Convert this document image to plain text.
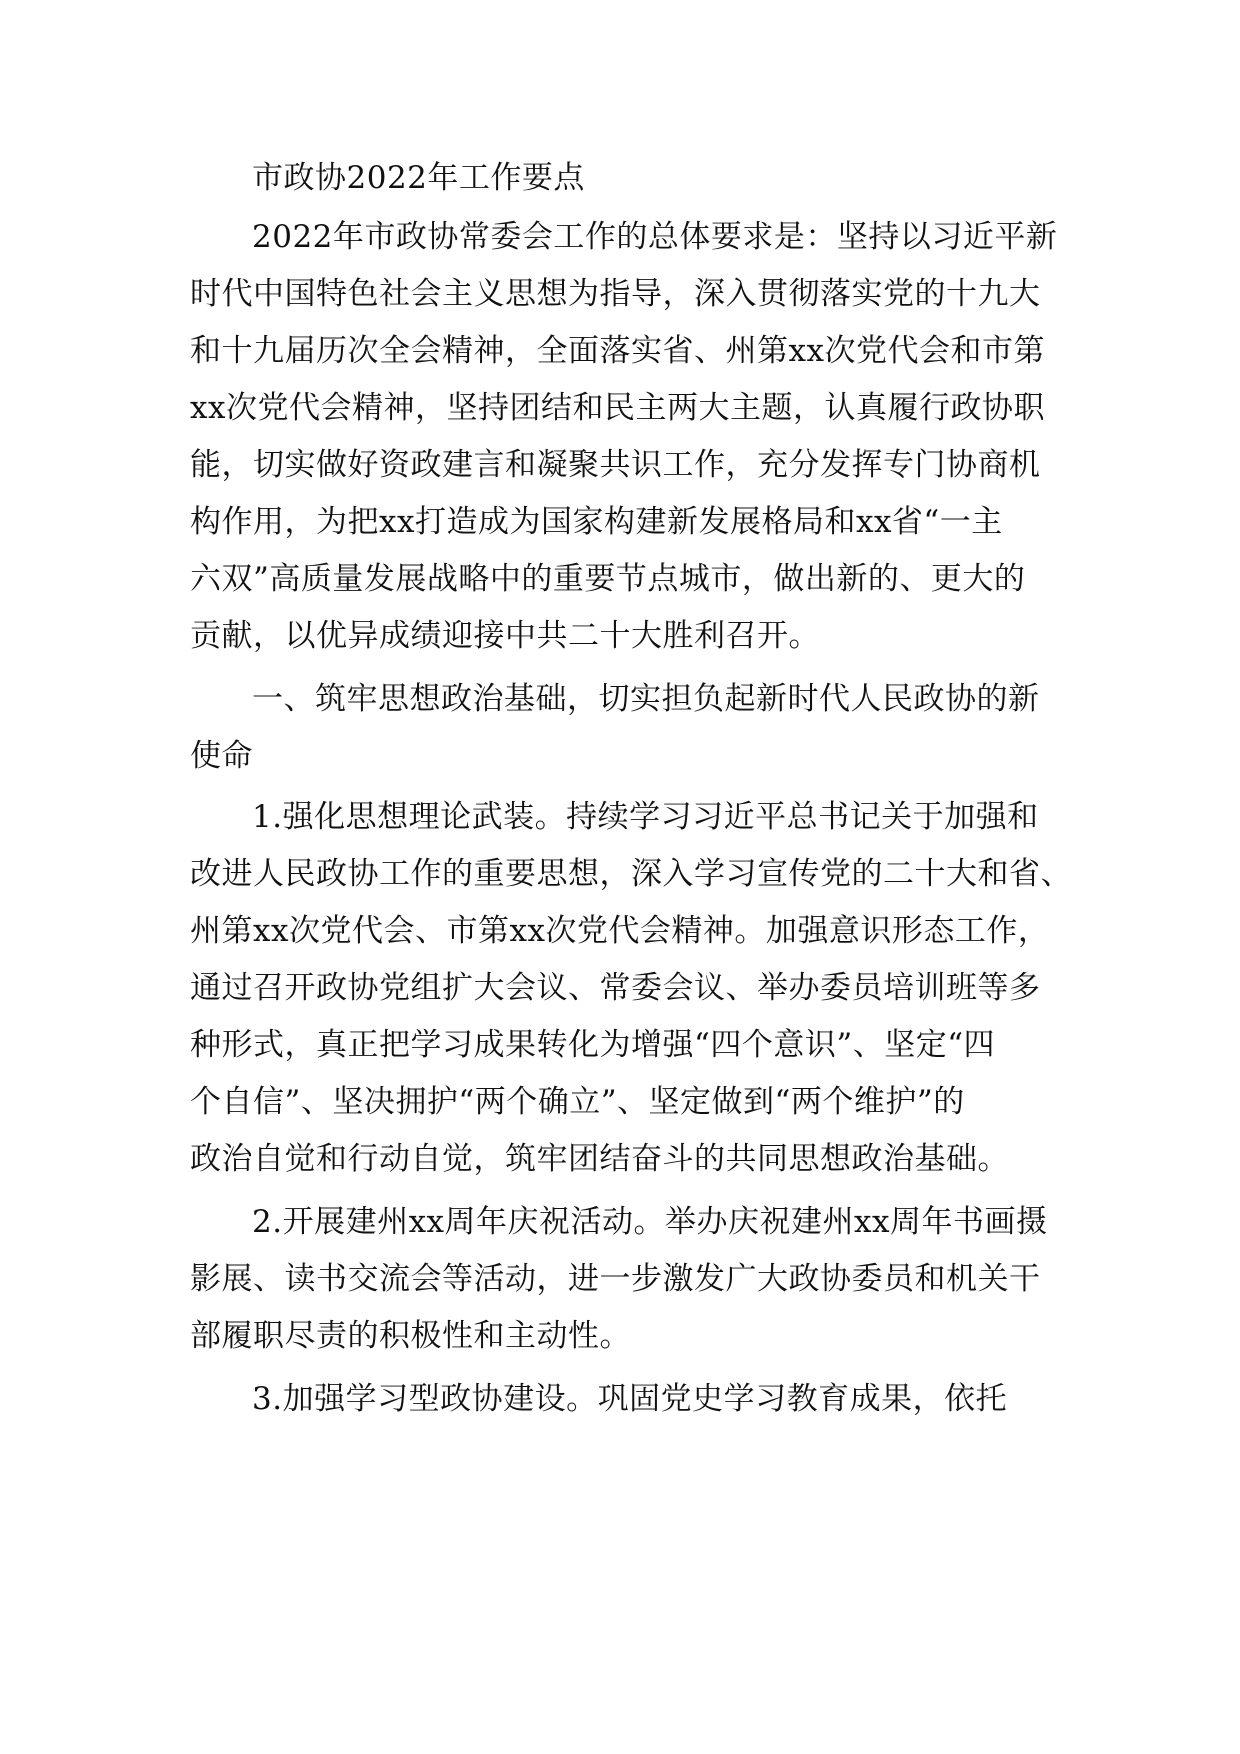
市政协2022年工作要点

2022年市政协常委会工作的总体要求是：坚持以习近平新

时代中国特色社会主义思想为指导，深入贯彻落实党的十九大

和十九届历次全会精神，全面落实省、州第xx次党代会和市第

xx次党代会精神，坚持团结和民主两大主题，认真履行政协职

能，切实做好资政建言和凝聚共识工作，充分发挥专门协商机

构作用，为把xx打造成为国家构建新发展格局和xx省“一主

六双”高质量发展战略中的重要节点城市，做出新的、更大的

贡献，以优异成绩迎接中共二十大胜利召开。

一、筑牢思想政治基础，切实担负起新时代人民政协的新

使命

1.强化思想理论武装。持续学习习近平总书记关于加强和

改进人民政协工作的重要思想，深入学习宣传党的二十大和省、

州第xx次党代会、市第xx次党代会精神。加强意识形态工作，

通过召开政协党组扩大会议、常委会议、举办委员培训班等多

种形式，真正把学习成果转化为增强“四个意识”、坚定“四

个自信”、坚决拥护“两个确立”、坚定做到“两个维护”的

政治自觉和行动自觉，筑牢团结奋斗的共同思想政治基础。

2.开展建州xx周年庆祝活动。举办庆祝建州xx周年书画摄

影展、读书交流会等活动，进一步激发广大政协委员和机关干

部履职尽责的积极性和主动性。

3.加强学习型政协建设。巩固党史学习教育成果，依托
